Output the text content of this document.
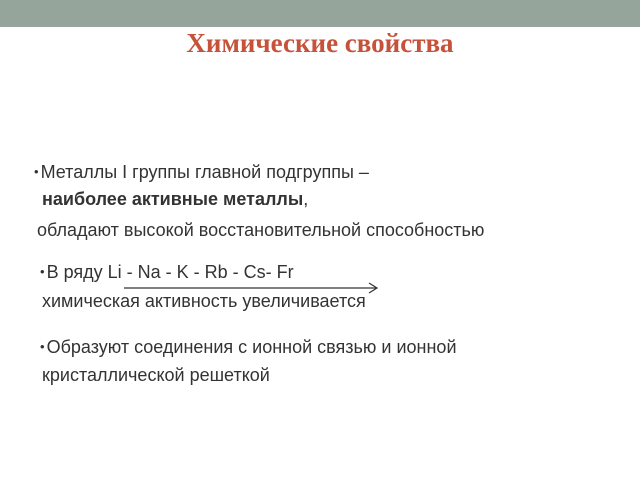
Химические свойства
• Металлы I группы главной подгруппы –
наиболее активные металлы,
обладают высокой восстановительной способностью
• В ряду Li - Na - K - Rb - Cs- Fr
химическая активность увеличивается
• Образуют соединения с ионной связью и ионной
кристаллической решеткой
